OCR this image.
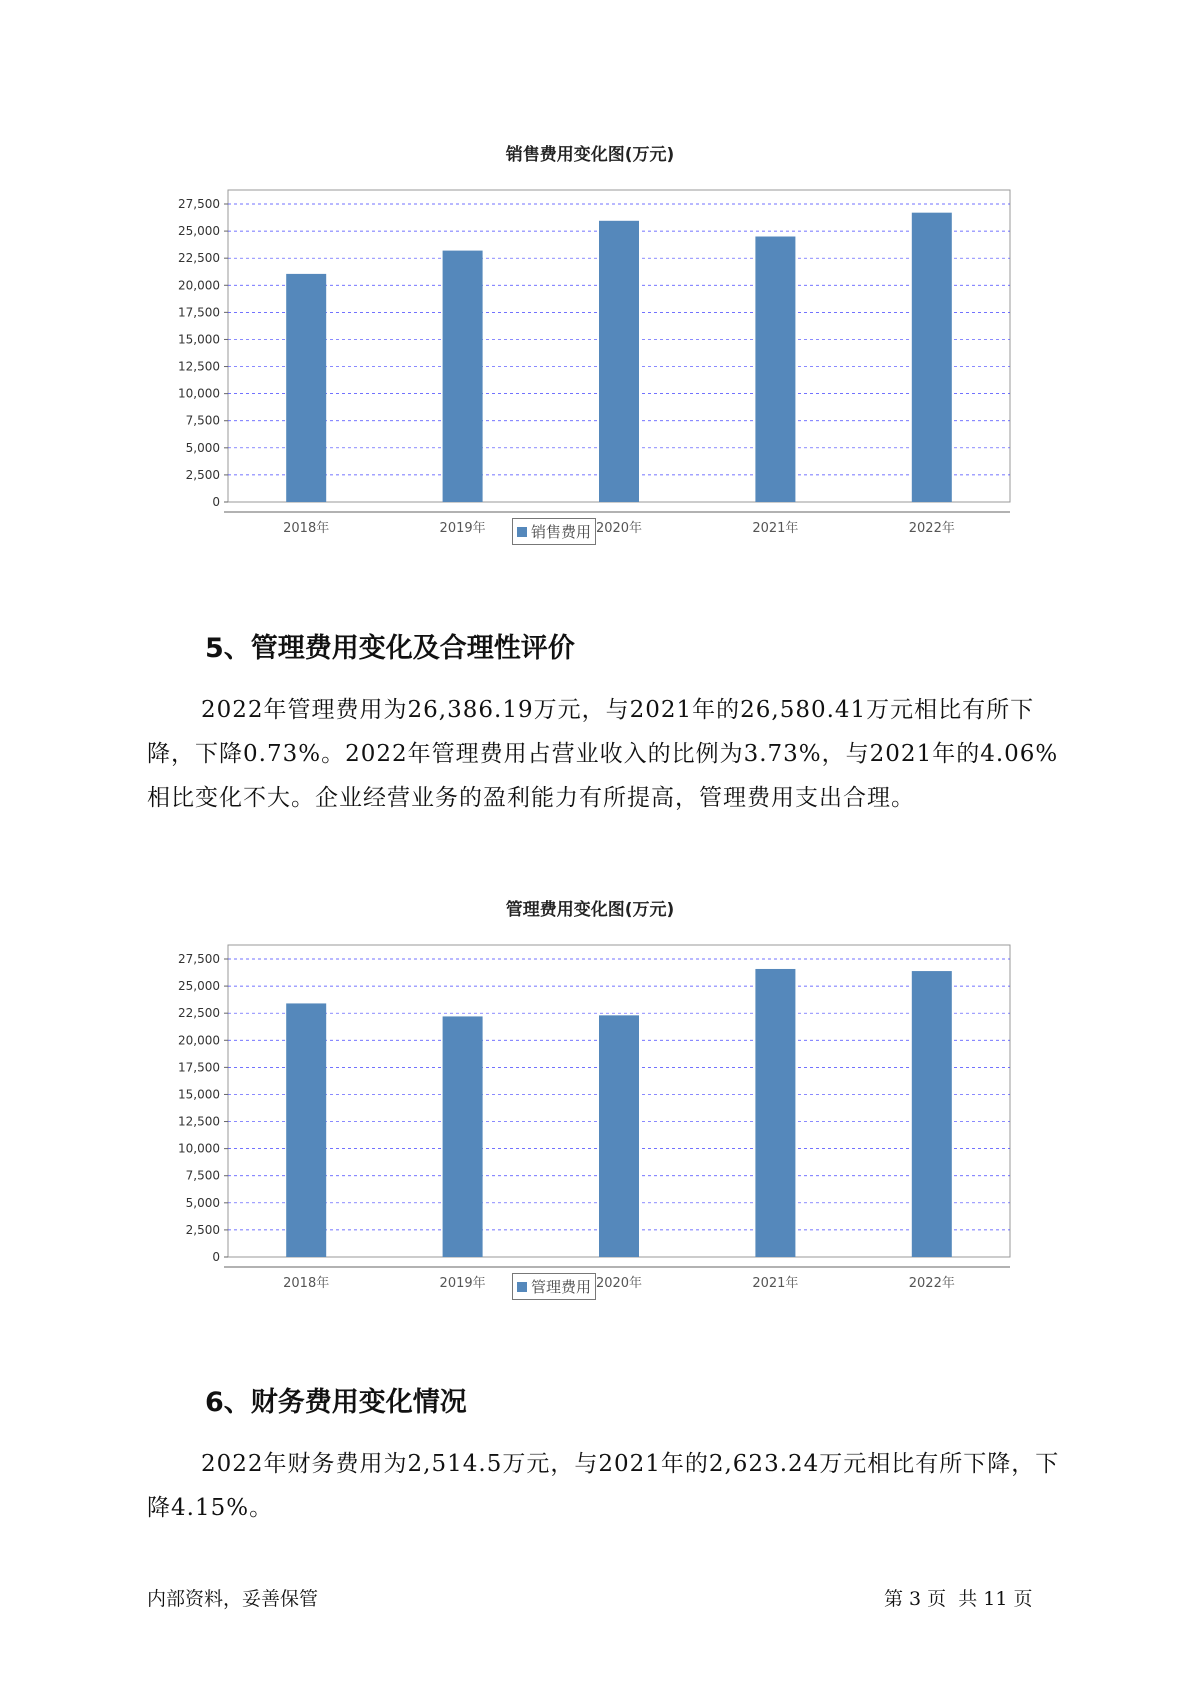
销售费用变化图(万元)
0
2,500
5,000
7,500
10,000
12,500
15,000
17,500
20,000
22,500
25,000
27,500
2018年	2019年	2020年	2021年	2022年
销售费用
5、管理费用变化及合理性评价
2022年管理费用为26,386.19万元，与2021年的26,580.41万元相比有所下降，下降0.73%。2022年管理费用占营业收入的比例为3.73%，与2021年的4.06%相比变化不大。企业经营业务的盈利能力有所提高，管理费用支出合理。
管理费用变化图(万元)
0
2,500
5,000
7,500
10,000
12,500
15,000
17,500
20,000
22,500
25,000
27,500
2018年	2019年	2020年	2021年	2022年
管理费用
6、财务费用变化情况
2022年财务费用为2,514.5万元，与2021年的2,623.24万元相比有所下降，下降4.15%。
内部资料，妥善保管	第 3 页  共 11 页
